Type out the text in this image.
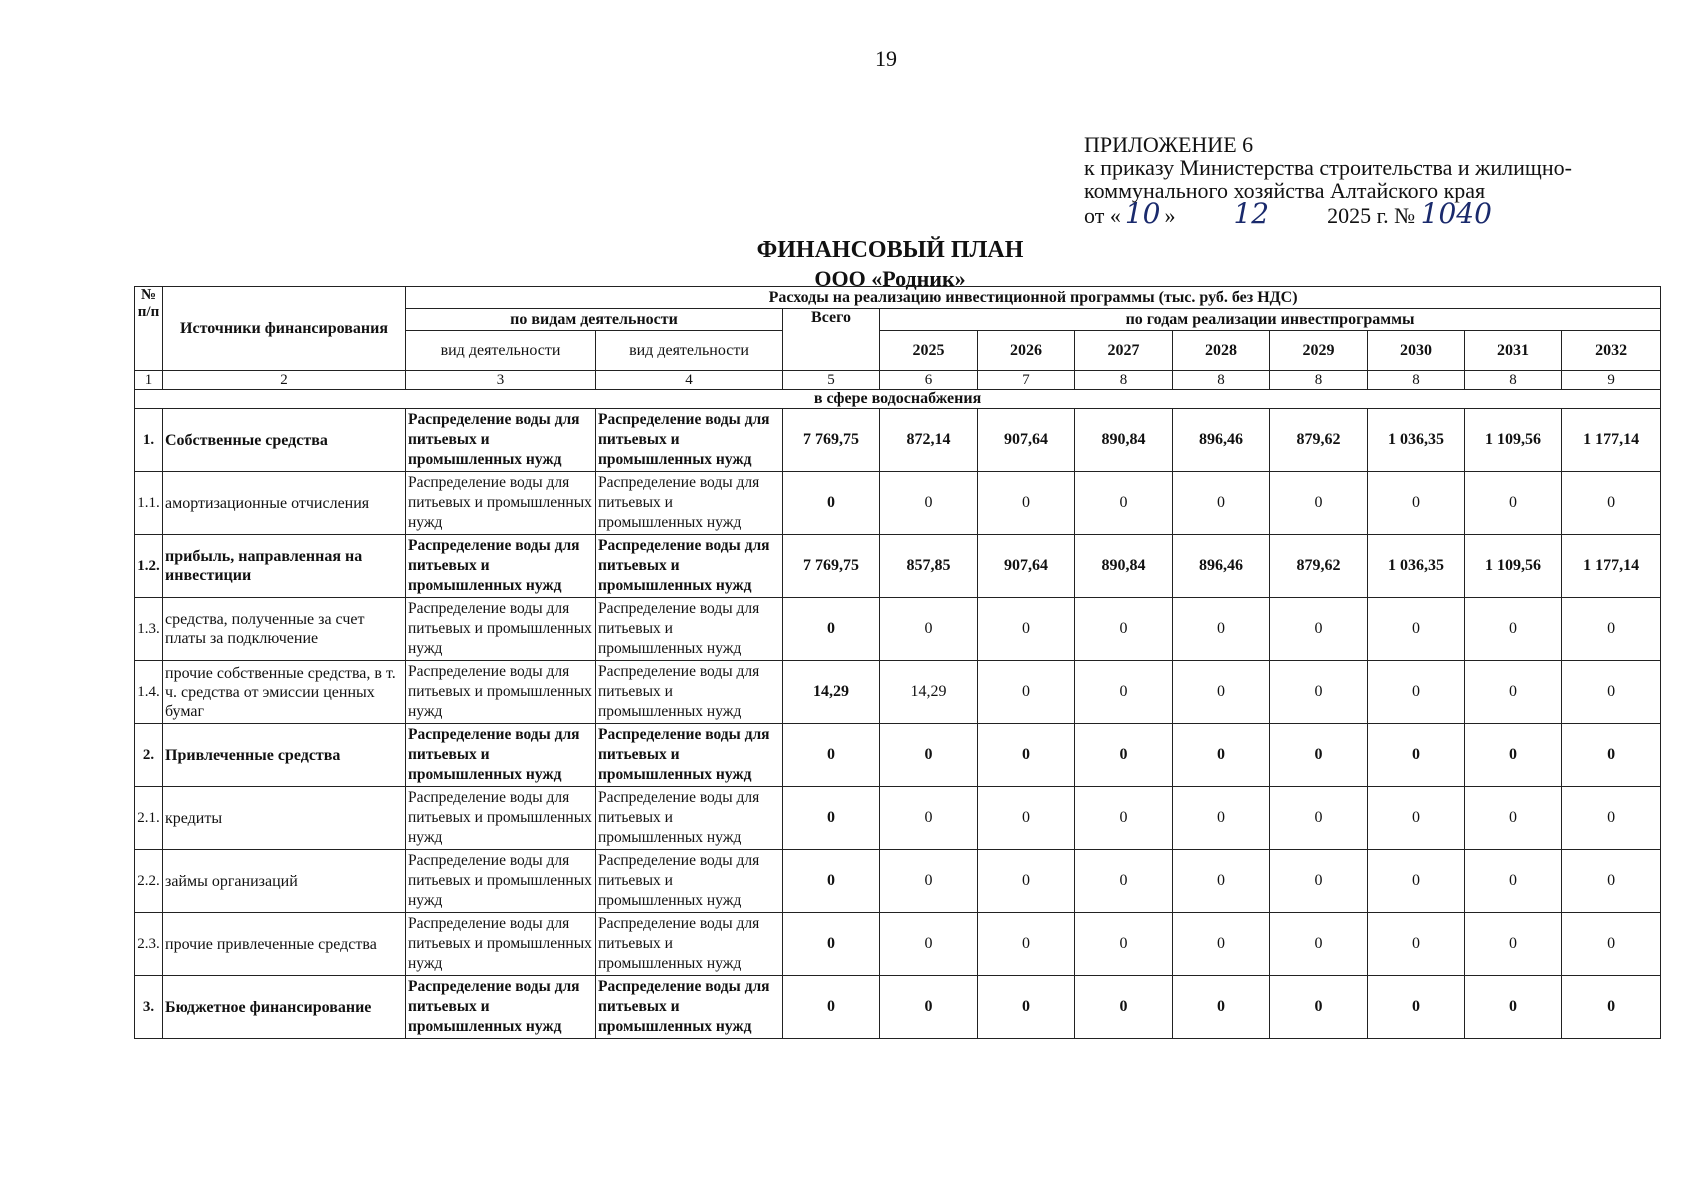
19
ПРИЛОЖЕНИЕ 6
к приказу Министерства строительства и жилищно-
коммунального хозяйства Алтайского края
от « 10 » 12	2025 г. № 1040
ФИНАНСОВЫЙ ПЛАН
ООО «Родник»
№ п/п	Источники финансирования	Расходы на реализацию инвестиционной программы (тыс. руб. без НДС)										
		по видам деятельности		Всего	по годам реализации инвестпрограммы							
		вид деятельности	вид деятельности		2025	2026	2027	2028	2029	2030	2031	2032
1	2	3	4	5	6	7	8	8	8	8	8	9
в сфере водоснабжения												
1.	Собственные средства	Распределение воды для питьевых и промышленных нужд	Распределение воды для питьевых и промышленных нужд	7 769,75	872,14	907,64	890,84	896,46	879,62	1 036,35	1 109,56	1 177,14
1.1.	амортизационные отчисления	Распределение воды для питьевых и промышленных нужд	Распределение воды для питьевых и промышленных нужд	0	0	0	0	0	0	0	0	0
1.2.	прибыль, направленная на инвестиции	Распределение воды для питьевых и промышленных нужд	Распределение воды для питьевых и промышленных нужд	7 769,75	857,85	907,64	890,84	896,46	879,62	1 036,35	1 109,56	1 177,14
1.3.	средства, полученные за счет платы за подключение	Распределение воды для питьевых и промышленных нужд	Распределение воды для питьевых и промышленных нужд	0	0	0	0	0	0	0	0	0
1.4.	прочие собственные средства, в т. ч. средства от эмиссии ценных бумаг	Распределение воды для питьевых и промышленных нужд	Распределение воды для питьевых и промышленных нужд	14,29	14,29	0	0	0	0	0	0	0
2.	Привлеченные средства	Распределение воды для питьевых и промышленных нужд	Распределение воды для питьевых и промышленных нужд	0	0	0	0	0	0	0	0	0
2.1.	кредиты	Распределение воды для питьевых и промышленных нужд	Распределение воды для питьевых и промышленных нужд	0	0	0	0	0	0	0	0	0
2.2.	займы организаций	Распределение воды для питьевых и промышленных нужд	Распределение воды для питьевых и промышленных нужд	0	0	0	0	0	0	0	0	0
2.3.	прочие привлеченные средства	Распределение воды для питьевых и промышленных нужд	Распределение воды для питьевых и промышленных нужд	0	0	0	0	0	0	0	0	0
3.	Бюджетное финансирование	Распределение воды для питьевых и промышленных нужд	Распределение воды для питьевых и промышленных нужд	0	0	0	0	0	0	0	0	0
